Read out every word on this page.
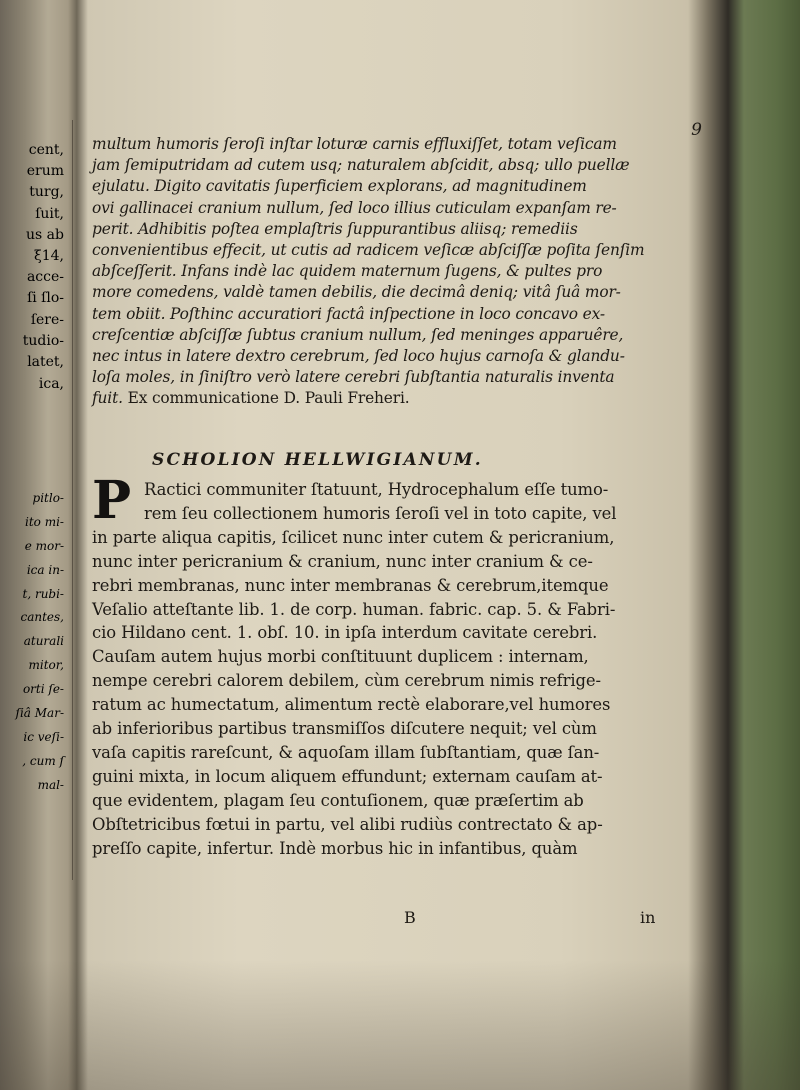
cent,
erum
turg,
ſuit,
us ab
ξ14,
acce-
ſi ſlo-
ſere-
tudio-
latet,
ica,
pitlo-
ito mi-
e mor-
ica in-
t, rubi-
cantes,
aturali
mitor,
orti ſe-
ſiâ Mar-
ic veſi-
, cum ſ
mal-
9
multum humoris ſeroſi inſtar loturæ carnis effluxiſſet, totam veſicam
jam ſemiputridam ad cutem usq; naturalem abſcidit, absq; ullo puellæ
ejulatu. Digito cavitatis ſuperficiem explorans, ad magnitudinem
ovi gallinacei cranium nullum, ſed loco illius cuticulam expanſam re-
perit. Adhibitis poſtea emplaſtris ſuppurantibus aliisq; remediis
convenientibus effecit, ut cutis ad radicem veſicæ abſciſſæ poſita ſenſim
abſceſſerit. Infans indè lac quidem maternum ſugens, & pultes pro
more comedens, valdè tamen debilis, die decimâ deniq; vitâ ſuâ mor-
tem obiit. Poſthinc accuratiori factâ inſpectione in loco concavo ex-
creſcentiæ abſciſſæ ſubtus cranium nullum, ſed meninges apparuêre,
nec intus in latere dextro cerebrum, ſed loco hujus carnoſa & glandu-
loſa moles, in ſiniſtro verò latere cerebri ſubſtantia naturalis inventa
fuit. Ex communicatione D. Pauli Freheri.
SCHOLION HELLWIGIANUM.
P Ractici communiter ſtatuunt, Hydrocephalum eſſe tumo-
rem ſeu collectionem humoris ſeroſi vel in toto capite, vel
in parte aliqua capitis, ſcilicet nunc inter cutem & pericranium,
nunc inter pericranium & cranium, nunc inter cranium & ce-
rebri membranas, nunc inter membranas & cerebrum,itemque
Veſalio atteſtante lib. 1. de corp. human. fabric. cap. 5. & Fabri-
cio Hildano cent. 1. obſ. 10. in ipſa interdum cavitate cerebri.
Cauſam autem hujus morbi conſtituunt duplicem : internam,
nempe cerebri calorem debilem, cùm cerebrum nimis refrige-
ratum ac humectatum, alimentum rectè elaborare,vel humores
ab inferioribus partibus transmiſſos diſcutere nequit; vel cùm
vaſa capitis rareſcunt, & aquoſam illam ſubſtantiam, quæ ſan-
guini mixta, in locum aliquem effundunt; externam cauſam at-
que evidentem, plagam ſeu contuſionem, quæ præſertim ab
Obſtetricibus fœtui in partu, vel alibi rudiùs contrectato & ap-
preſſo capite, infertur. Indè morbus hic in infantibus, quàm
B	in
